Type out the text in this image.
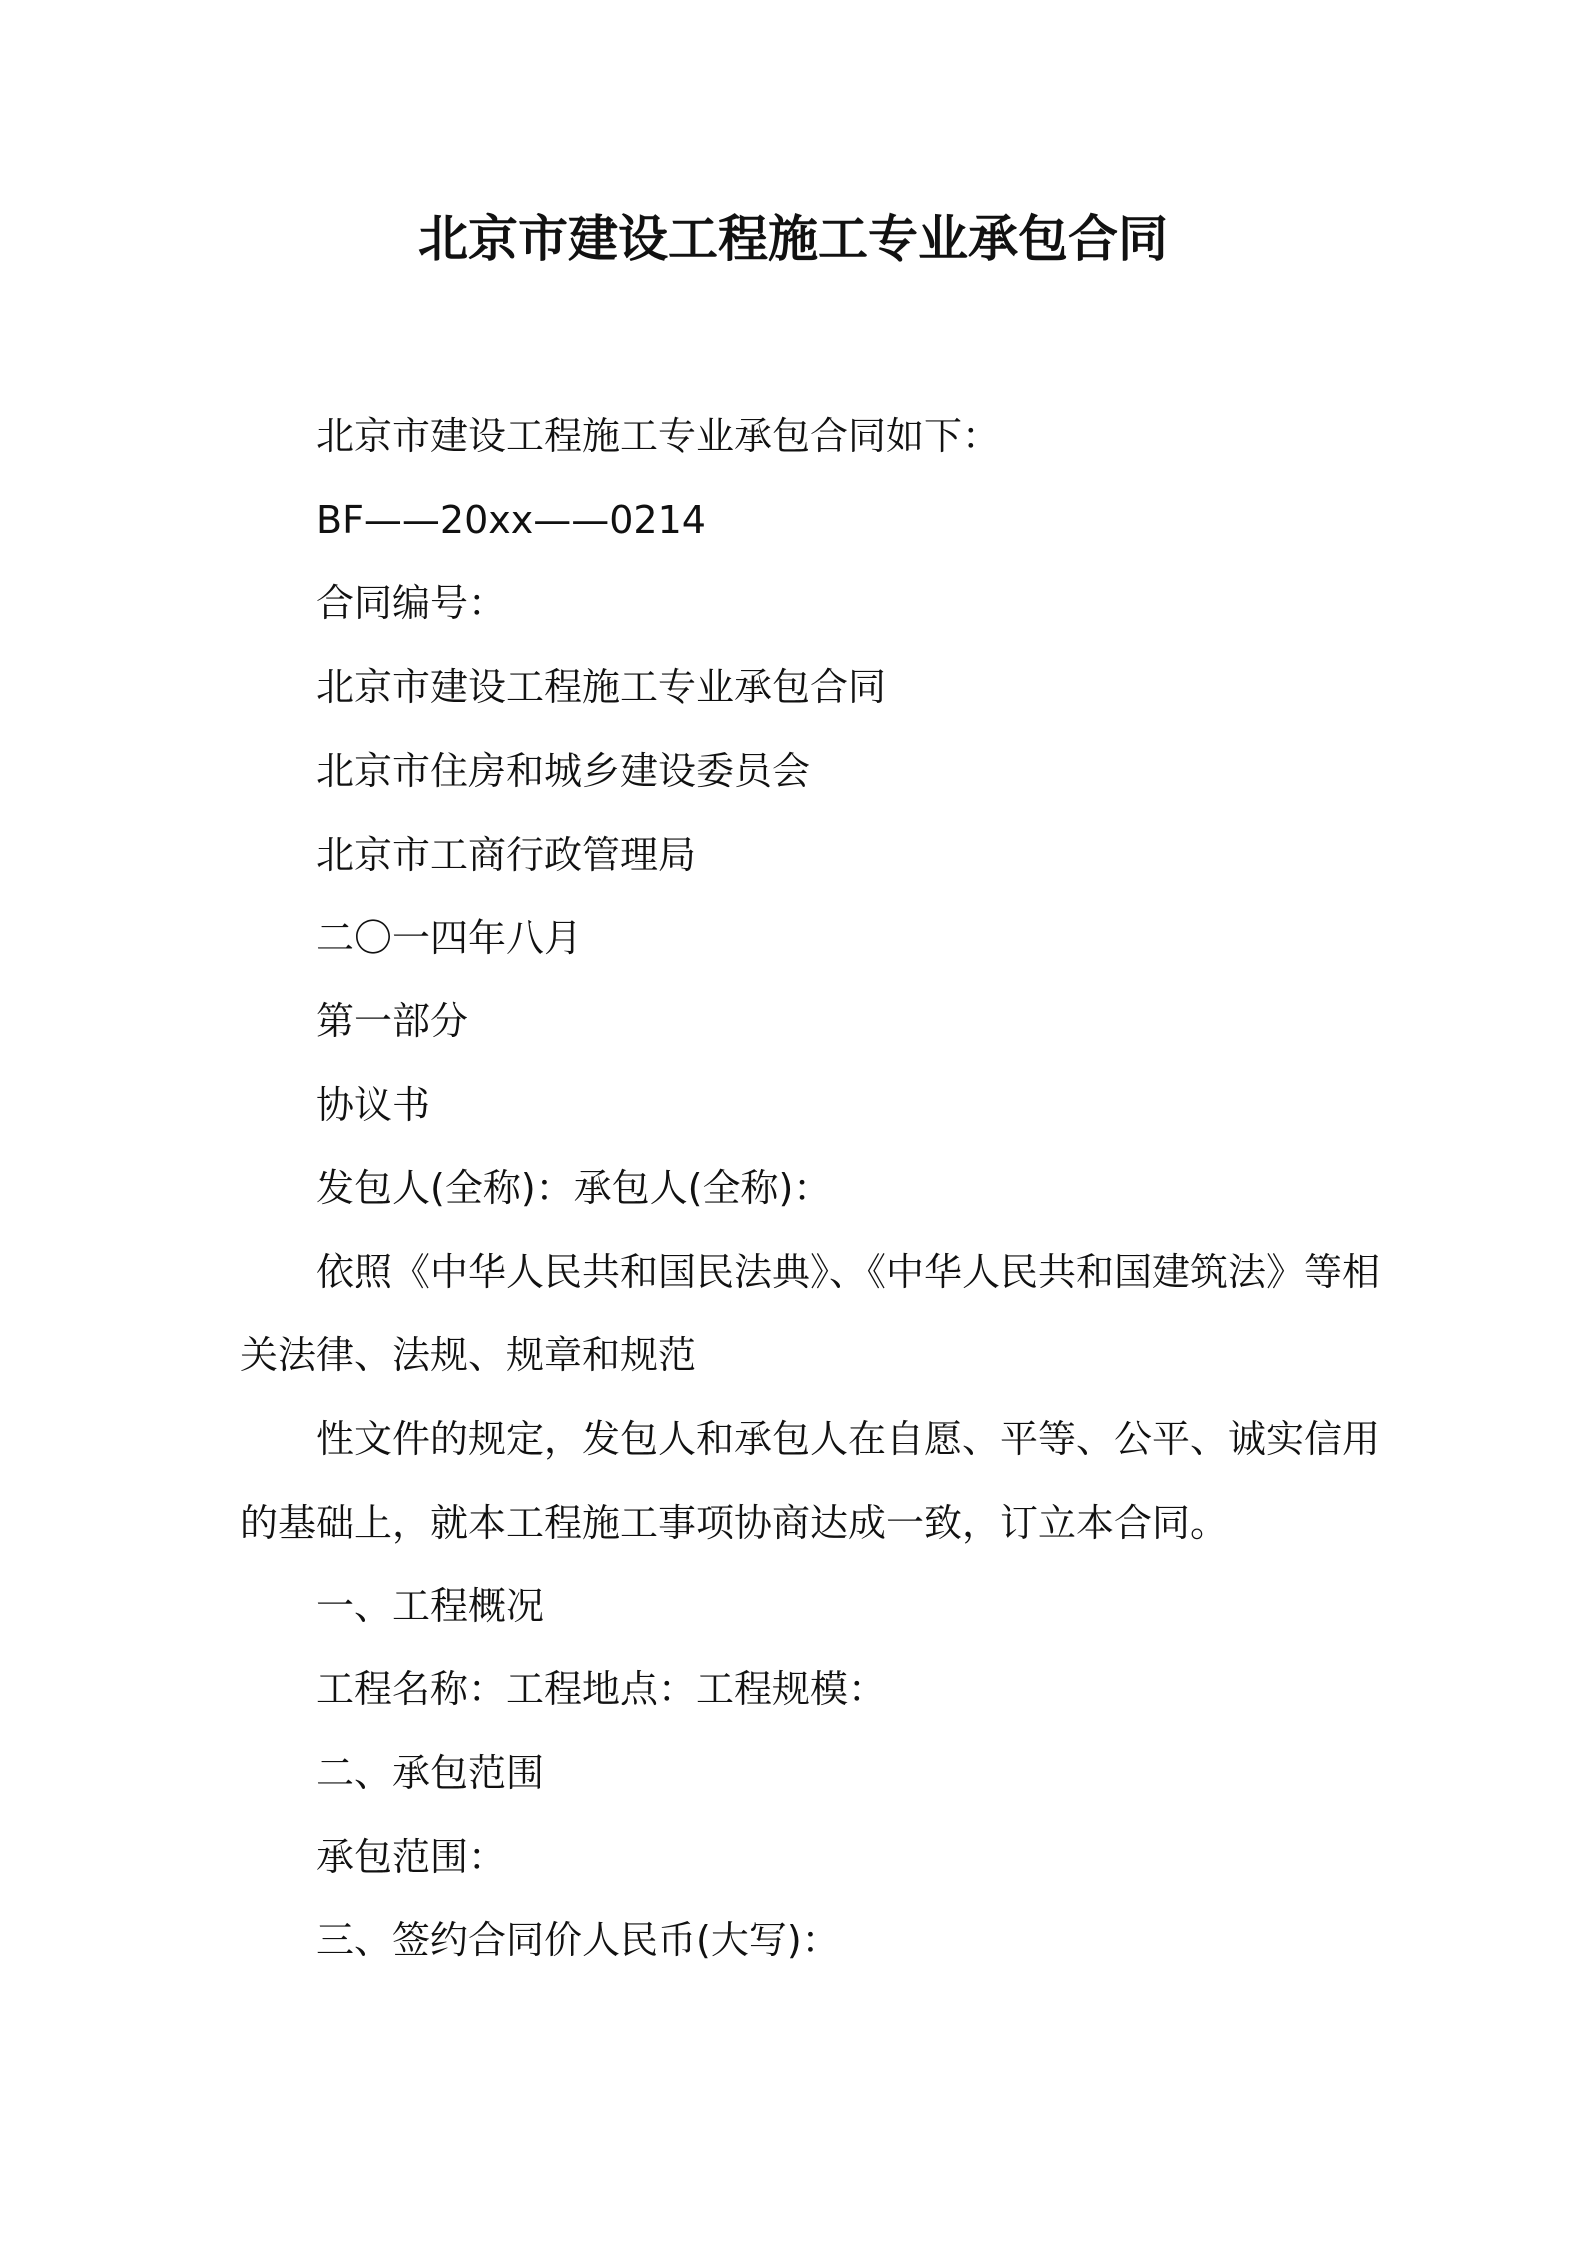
北京市建设工程施工专业承包合同
北京市建设工程施工专业承包合同如下：
BF——20xx——0214
合同编号：
北京市建设工程施工专业承包合同
北京市住房和城乡建设委员会
北京市工商行政管理局
二〇一四年八月
第一部分
协议书
发包人(全称)：承包人(全称)：
依照《中华人民共和国民法典》、《中华人民共和国建筑法》等相
关法律、法规、规章和规范
性文件的规定，发包人和承包人在自愿、平等、公平、诚实信用
的基础上，就本工程施工事项协商达成一致，订立本合同。
一、工程概况
工程名称：工程地点：工程规模：
二、承包范围
承包范围：
三、签约合同价人民币(大写)：
